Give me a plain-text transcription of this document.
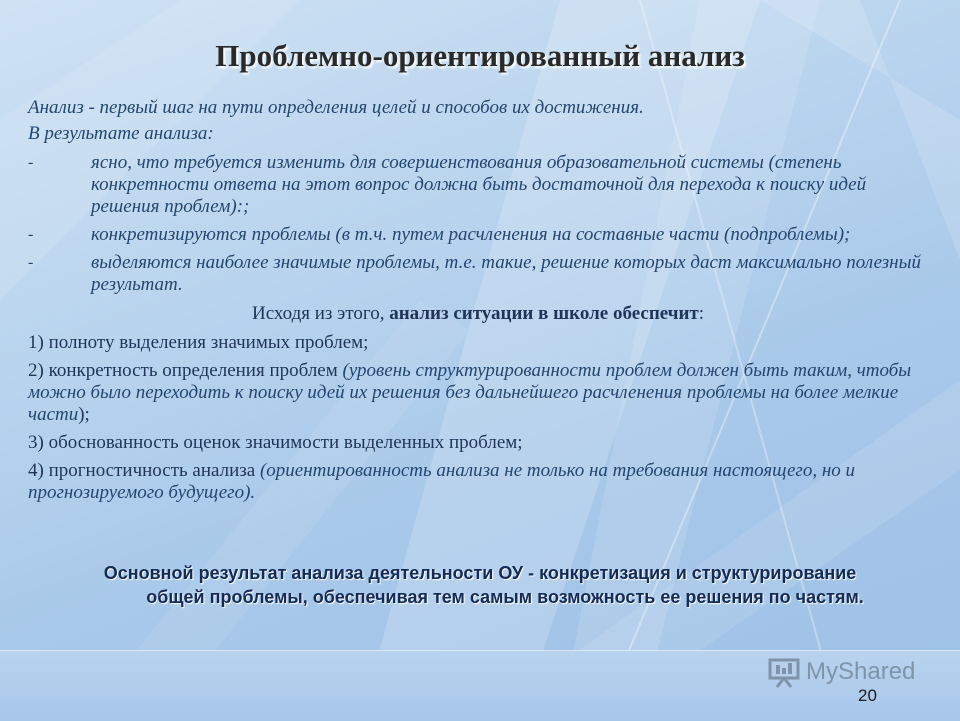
Проблемно-ориентированный анализ

Анализ - первый шаг на пути определения целей и способов их достижения.

В результате анализа:

-	ясно, что требуется изменить для совершенствования образовательной системы (степень конкретности ответа на этот вопрос должна быть достаточной для перехода к поиску идей решения проблем):;
-	конкретизируются проблемы (в т.ч. путем расчленения на составные части (подпроблемы);
-	выделяются наиболее значимые проблемы, т.е. такие, решение которых даст максимально полезный результат.
Исходя из этого, анализ ситуации в школе обеспечит:
1) полноту выделения значимых проблем;
2) конкретность определения проблем (уровень структурированности проблем должен быть таким, чтобы можно было переходить к поиску идей их решения без дальнейшего расчленения проблемы на более мелкие части);
3) обоснованность оценок значимости выделенных проблем;
4) прогностичность анализа (ориентированность анализа не только на требования настоящего, но и прогнозируемого будущего).
Основной результат анализа деятельности ОУ - конкретизация и структурирование
общей проблемы, обеспечивая тем самым возможность ее решения по частям.
MyShared
20
